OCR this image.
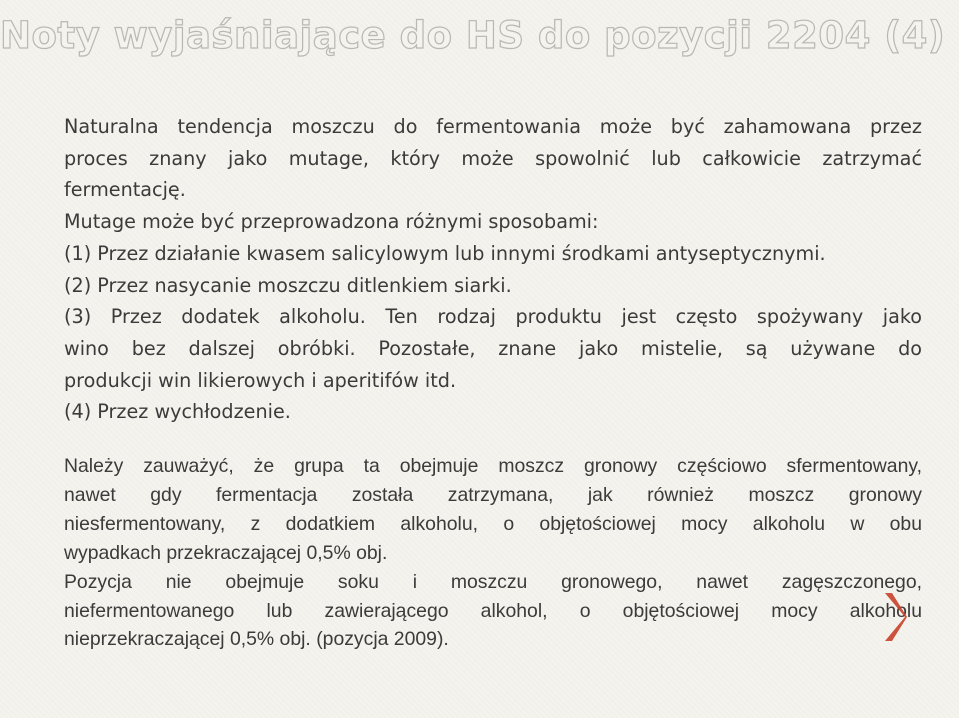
Noty wyjaśniające do HS do pozycji 2204 (4)
Naturalna tendencja moszczu do fermentowania może być zahamowana przez
proces znany jako mutage, który może spowolnić lub całkowicie zatrzymać
fermentację.
Mutage może być przeprowadzona różnymi sposobami:
(1) Przez działanie kwasem salicylowym lub innymi środkami antyseptycznymi.
(2) Przez nasycanie moszczu ditlenkiem siarki.
(3) Przez dodatek alkoholu. Ten rodzaj produktu jest często spożywany jako
wino bez dalszej obróbki. Pozostałe, znane jako mistelie, są używane do
produkcji win likierowych i aperitifów itd.
(4) Przez wychłodzenie.
Należy zauważyć, że grupa ta obejmuje moszcz gronowy częściowo sfermentowany,
nawet gdy fermentacja została zatrzymana, jak również moszcz gronowy
niesfermentowany, z dodatkiem alkoholu, o objętościowej mocy alkoholu w obu
wypadkach przekraczającej 0,5% obj.
Pozycja nie obejmuje soku i moszczu gronowego, nawet zagęszczonego,
niefermentowanego lub zawierającego alkohol, o objętościowej mocy alkoholu
nieprzekraczającej 0,5% obj. (pozycja 2009).
